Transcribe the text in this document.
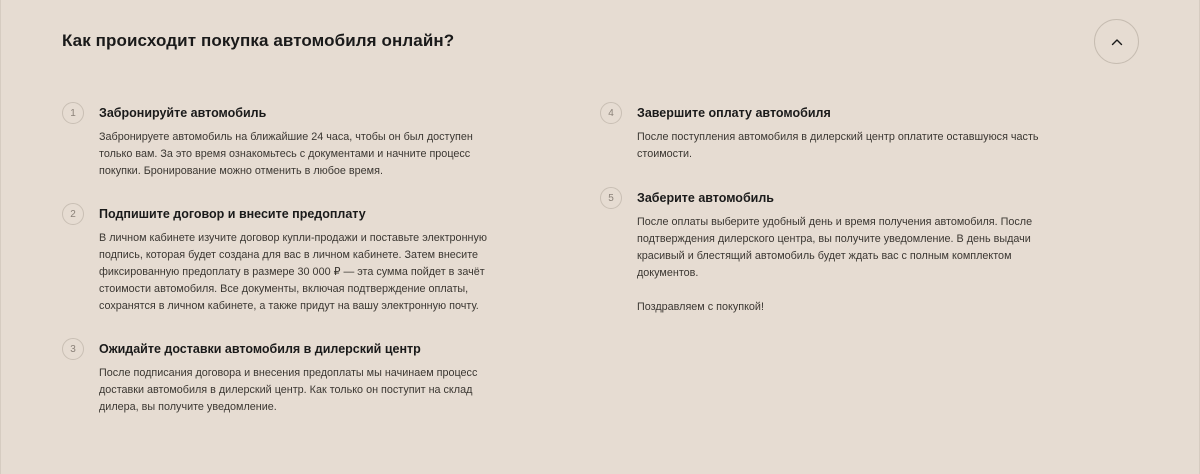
Как происходит покупка автомобиля онлайн?
1	Забронируйте автомобиль
Забронируете автомобиль на ближайшие 24 часа, чтобы он был доступен
только вам. За это время ознакомьтесь с документами и начните процесс
покупки. Бронирование можно отменить в любое время.
2	Подпишите договор и внесите предоплату
В личном кабинете изучите договор купли-продажи и поставьте электронную
подпись, которая будет создана для вас в личном кабинете. Затем внесите
фиксированную предоплату в размере 30 000 ₽ — эта сумма пойдет в зачёт
стоимости автомобиля. Все документы, включая подтверждение оплаты,
сохранятся в личном кабинете, а также придут на вашу электронную почту.
3	Ожидайте доставки автомобиля в дилерский центр
После подписания договора и внесения предоплаты мы начинаем процесс
доставки автомобиля в дилерский центр. Как только он поступит на склад
дилера, вы получите уведомление.
4	Завершите оплату автомобиля
После поступления автомобиля в дилерский центр оплатите оставшуюся часть
стоимости.
5	Заберите автомобиль
После оплаты выберите удобный день и время получения автомобиля. После
подтверждения дилерского центра, вы получите уведомление. В день выдачи
красивый и блестящий автомобиль будет ждать вас с полным комплектом
документов.
Поздравляем с покупкой!
